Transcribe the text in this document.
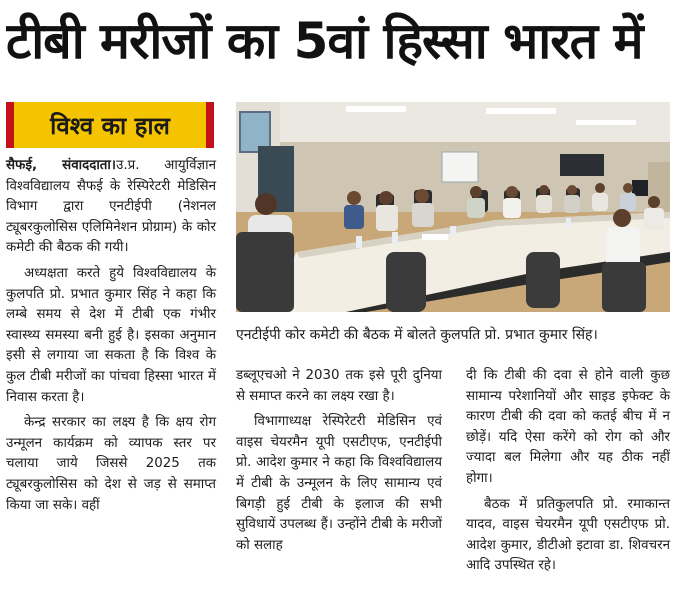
टीबी मरीजों का 5वां हिस्सा भारत में
विश्व का हाल

सैफई, संवाददाता।उ.प्र. आयुर्विज्ञान विश्वविद्यालय सैफई के रेस्पिरेटरी मेडिसिन विभाग द्वारा एनटीईपी (नेशनल ट्यूबरकुलोसिस एलिमिनेशन प्रोग्राम) के कोर कमेटी की बैठक की गयी।

अध्यक्षता करते हुये विश्वविद्यालय के कुलपति प्रो. प्रभात कुमार सिंह ने कहा कि लम्बे समय से देश में टीबी एक गंभीर स्वास्थ्य समस्या बनी हुई है। इसका अनुमान इसी से लगाया जा सकता है कि विश्व के कुल टीबी मरीजों का पांचवा हिस्सा भारत में निवास करता है।

केन्द्र सरकार का लक्ष्य है कि क्षय रोग उन्मूलन कार्यक्रम को व्यापक स्तर पर चलाया जाये जिससे 2025 तक ट्यूबरकुलोसिस को देश से जड़ से समाप्त किया जा सके। वहीं

एनटीईपी कोर कमेटी की बैठक में बोलते कुलपति प्रो. प्रभात कुमार सिंह।

डब्लूएचओ ने 2030 तक इसे पूरी दुनिया से समाप्त करने का लक्ष्य रखा है।

विभागाध्यक्ष रेस्पिरेटरी मेडिसिन एवं वाइस चेयरमैन यूपी एसटीएफ, एनटीईपी प्रो. आदेश कुमार ने कहा कि विश्वविद्यालय में टीबी के उन्मूलन के लिए सामान्य एवं बिगड़ी हुई टीबी के इलाज की सभी सुविधायें उपलब्ध हैं। उन्होंने टीबी के मरीजों को सलाह

दी कि टीबी की दवा से होने वाली कुछ सामान्य परेशानियों और साइड इफेक्ट के कारण टीबी की दवा को कतई बीच में न छोड़ें। यदि ऐसा करेंगे को रोग को और ज्यादा बल मिलेगा और यह ठीक नहीं होगा।

बैठक में प्रतिकुलपति प्रो. रमाकान्त यादव, वाइस चेयरमैन यूपी एसटीएफ प्रो. आदेश कुमार, डीटीओ इटावा डा. शिवचरन आदि उपस्थित रहे।
